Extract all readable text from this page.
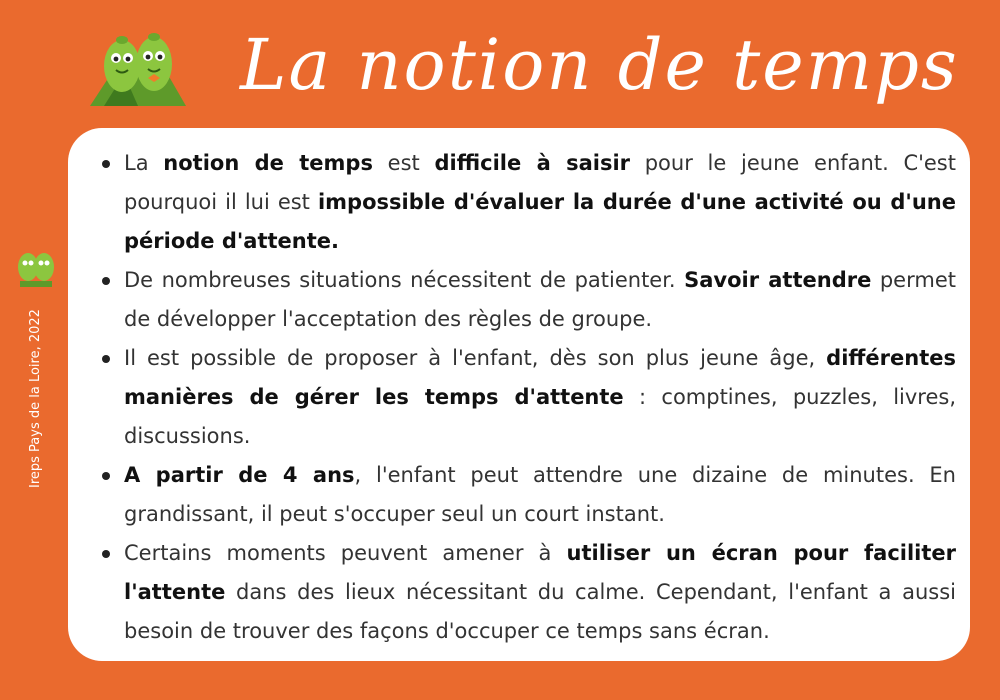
La notion de temps
Ireps Pays de la Loire, 2022
La notion de temps est difficile à saisir pour le jeune enfant. C'est pourquoi il lui est impossible d'évaluer la durée d'une activité ou d'une période d'attente.
De nombreuses situations nécessitent de patienter. Savoir attendre permet de développer l'acceptation des règles de groupe.
Il est possible de proposer à l'enfant, dès son plus jeune âge, différentes manières de gérer les temps d'attente : comptines, puzzles, livres, discussions.
A partir de 4 ans, l'enfant peut attendre une dizaine de minutes. En grandissant, il peut s'occuper seul un court instant.
Certains moments peuvent amener à utiliser un écran pour faciliter l'attente dans des lieux nécessitant du calme. Cependant, l'enfant a aussi besoin de trouver des façons d'occuper ce temps sans écran.
